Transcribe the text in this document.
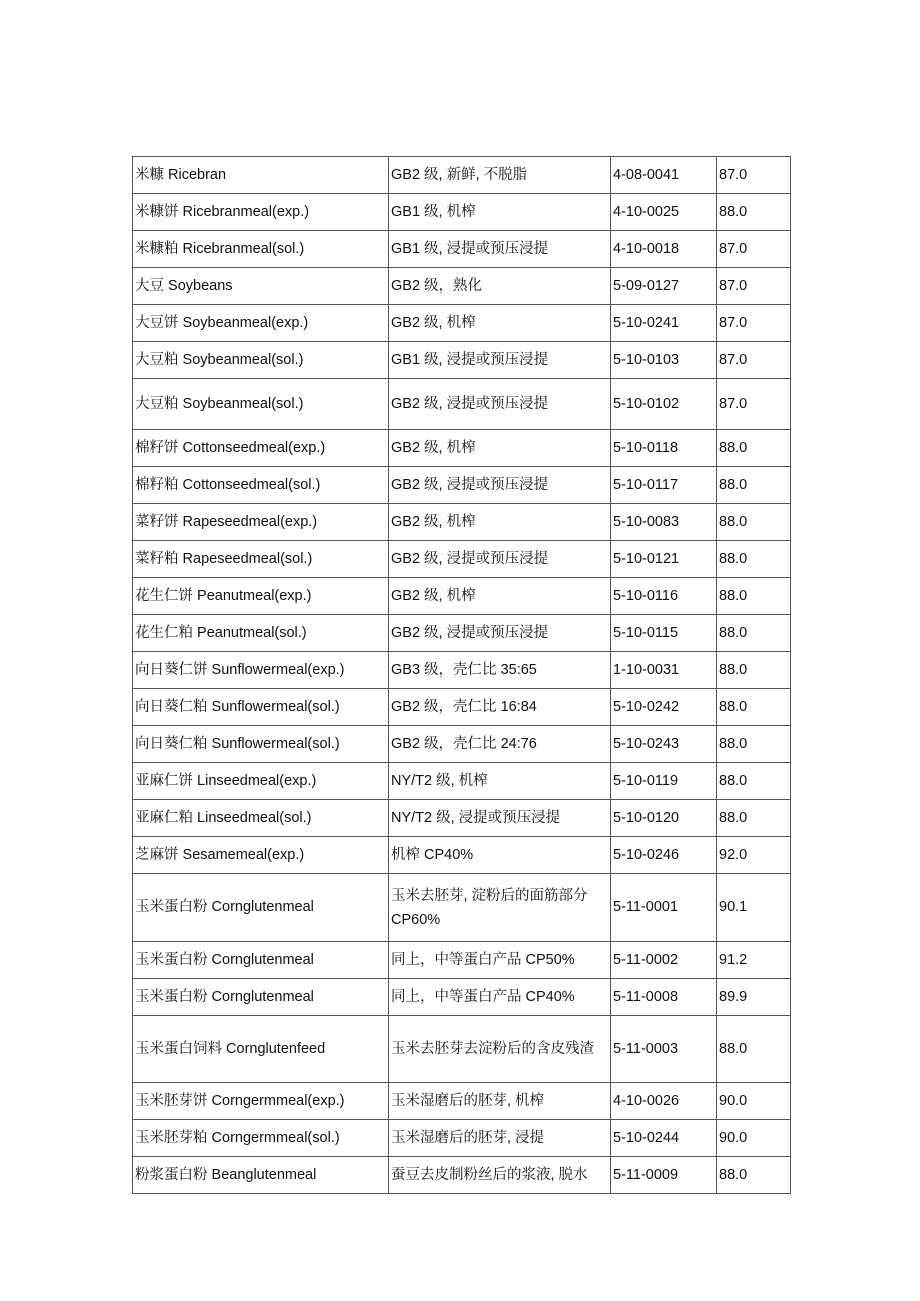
米糠 Ricebran	GB2 级, 新鲜, 不脱脂	4-08-0041	87.0
米糠饼 Ricebranmeal(exp.)	GB1 级, 机榨	4-10-0025	88.0
米糠粕 Ricebranmeal(sol.)	GB1 级, 浸提或预压浸提	4-10-0018	87.0
大豆 Soybeans	GB2 级，熟化	5-09-0127	87.0
大豆饼 Soybeanmeal(exp.)	GB2 级, 机榨	5-10-0241	87.0
大豆粕 Soybeanmeal(sol.)	GB1 级, 浸提或预压浸提	5-10-0103	87.0
大豆粕 Soybeanmeal(sol.)	GB2 级, 浸提或预压浸提	5-10-0102	87.0
棉籽饼 Cottonseedmeal(exp.)	GB2 级, 机榨	5-10-0118	88.0
棉籽粕 Cottonseedmeal(sol.)	GB2 级, 浸提或预压浸提	5-10-0117	88.0
菜籽饼 Rapeseedmeal(exp.)	GB2 级, 机榨	5-10-0083	88.0
菜籽粕 Rapeseedmeal(sol.)	GB2 级, 浸提或预压浸提	5-10-0121	88.0
花生仁饼 Peanutmeal(exp.)	GB2 级, 机榨	5-10-0116	88.0
花生仁粕 Peanutmeal(sol.)	GB2 级, 浸提或预压浸提	5-10-0115	88.0
向日葵仁饼 Sunflowermeal(exp.)	GB3 级，壳仁比 35:65	1-10-0031	88.0
向日葵仁粕 Sunflowermeal(sol.)	GB2 级，壳仁比 16:84	5-10-0242	88.0
向日葵仁粕 Sunflowermeal(sol.)	GB2 级，壳仁比 24:76	5-10-0243	88.0
亚麻仁饼 Linseedmeal(exp.)	NY/T2 级, 机榨	5-10-0119	88.0
亚麻仁粕 Linseedmeal(sol.)	NY/T2 级, 浸提或预压浸提	5-10-0120	88.0
芝麻饼 Sesamemeal(exp.)	机榨 CP40%	5-10-0246	92.0
玉米蛋白粉 Cornglutenmeal	玉米去胚芽, 淀粉后的面筋部分 CP60%	5-11-0001	90.1
玉米蛋白粉 Cornglutenmeal	同上，中等蛋白产品 CP50%	5-11-0002	91.2
玉米蛋白粉 Cornglutenmeal	同上，中等蛋白产品 CP40%	5-11-0008	89.9
玉米蛋白饲料 Cornglutenfeed	玉米去胚芽去淀粉后的含皮残渣	5-11-0003	88.0
玉米胚芽饼 Corngermmeal(exp.)	玉米湿磨后的胚芽, 机榨	4-10-0026	90.0
玉米胚芽粕 Corngermmeal(sol.)	玉米湿磨后的胚芽, 浸提	5-10-0244	90.0
粉浆蛋白粉 Beanglutenmeal	蚕豆去皮制粉丝后的浆液, 脱水	5-11-0009	88.0
